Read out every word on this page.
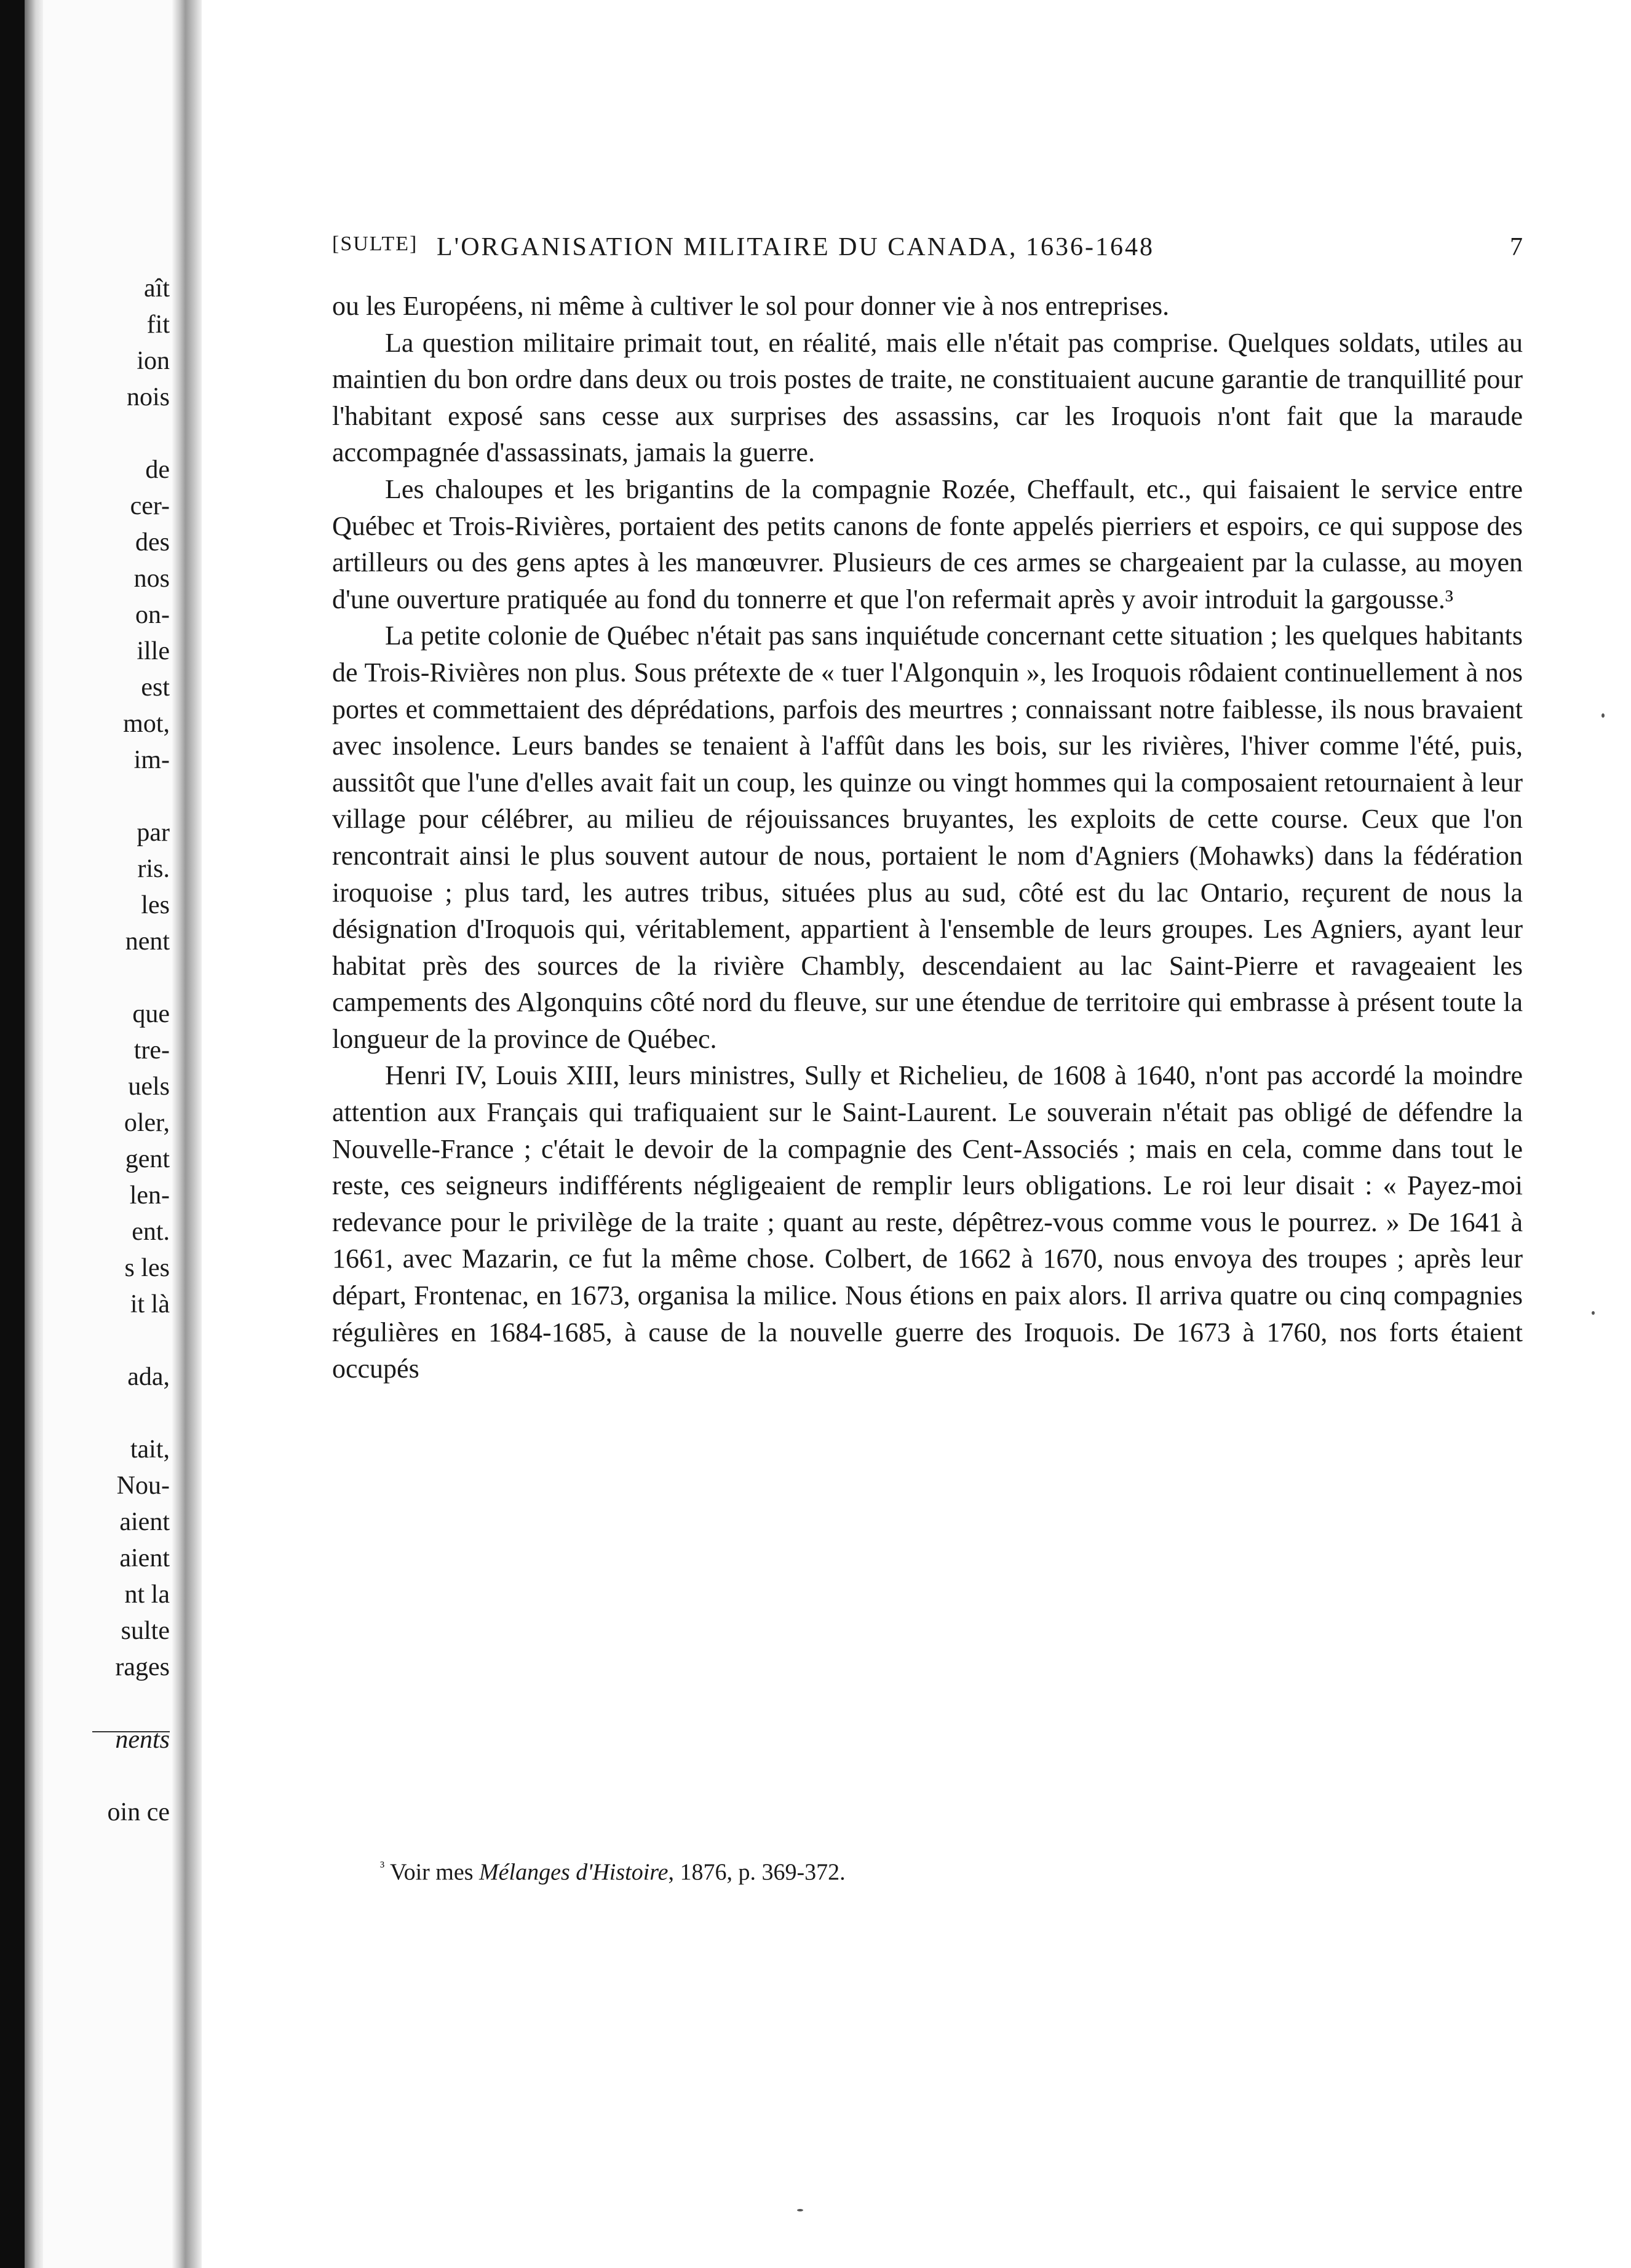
aît
fit
ion
nois
de
cer-
des
nos
on-
ille
est
mot,
im-
par
ris.
les
nent
que
tre-
uels
oler,
gent
len-
ent.
s les
it là
ada,
tait,
Nou-
aient
aient
nt la
sulte
rages
nents
oin ce
[SULTE] L'ORGANISATION MILITAIRE DU CANADA, 1636-1648	7

ou les Européens, ni même à cultiver le sol pour donner vie à nos entreprises.

La question militaire primait tout, en réalité, mais elle n'était pas comprise. Quelques soldats, utiles au maintien du bon ordre dans deux ou trois postes de traite, ne constituaient aucune garantie de tranquillité pour l'habitant exposé sans cesse aux surprises des assassins, car les Iroquois n'ont fait que la maraude accompagnée d'assassinats, jamais la guerre.

Les chaloupes et les brigantins de la compagnie Rozée, Cheffault, etc., qui faisaient le service entre Québec et Trois-Rivières, portaient des petits canons de fonte appelés pierriers et espoirs, ce qui suppose des artilleurs ou des gens aptes à les manœuvrer. Plusieurs de ces armes se chargeaient par la culasse, au moyen d'une ouverture pratiquée au fond du tonnerre et que l'on refermait après y avoir introduit la gargousse.³

La petite colonie de Québec n'était pas sans inquiétude concernant cette situation ; les quelques habitants de Trois-Rivières non plus. Sous prétexte de « tuer l'Algonquin », les Iroquois rôdaient continuellement à nos portes et commettaient des déprédations, parfois des meurtres ; connaissant notre faiblesse, ils nous bravaient avec insolence. Leurs bandes se tenaient à l'affût dans les bois, sur les rivières, l'hiver comme l'été, puis, aussitôt que l'une d'elles avait fait un coup, les quinze ou vingt hommes qui la composaient retournaient à leur village pour célébrer, au milieu de réjouissances bruyantes, les exploits de cette course. Ceux que l'on rencontrait ainsi le plus souvent autour de nous, portaient le nom d'Agniers (Mohawks) dans la fédération iroquoise ; plus tard, les autres tribus, situées plus au sud, côté est du lac Ontario, reçurent de nous la désignation d'Iroquois qui, véritablement, appartient à l'ensemble de leurs groupes. Les Agniers, ayant leur habitat près des sources de la rivière Chambly, descendaient au lac Saint-Pierre et ravageaient les campements des Algonquins côté nord du fleuve, sur une étendue de territoire qui embrasse à présent toute la longueur de la province de Québec.

Henri IV, Louis XIII, leurs ministres, Sully et Richelieu, de 1608 à 1640, n'ont pas accordé la moindre attention aux Français qui trafiquaient sur le Saint-Laurent. Le souverain n'était pas obligé de défendre la Nouvelle-France ; c'était le devoir de la compagnie des Cent-Associés ; mais en cela, comme dans tout le reste, ces seigneurs indifférents négligeaient de remplir leurs obligations. Le roi leur disait : « Payez-moi redevance pour le privilège de la traite ; quant au reste, dépêtrez-vous comme vous le pourrez. » De 1641 à 1661, avec Mazarin, ce fut la même chose. Colbert, de 1662 à 1670, nous envoya des troupes ; après leur départ, Frontenac, en 1673, organisa la milice. Nous étions en paix alors. Il arriva quatre ou cinq compagnies régulières en 1684-1685, à cause de la nouvelle guerre des Iroquois. De 1673 à 1760, nos forts étaient occupés

$^{^3}$ Voir mes Mélanges d'Histoire, 1876, p. 369-372.
